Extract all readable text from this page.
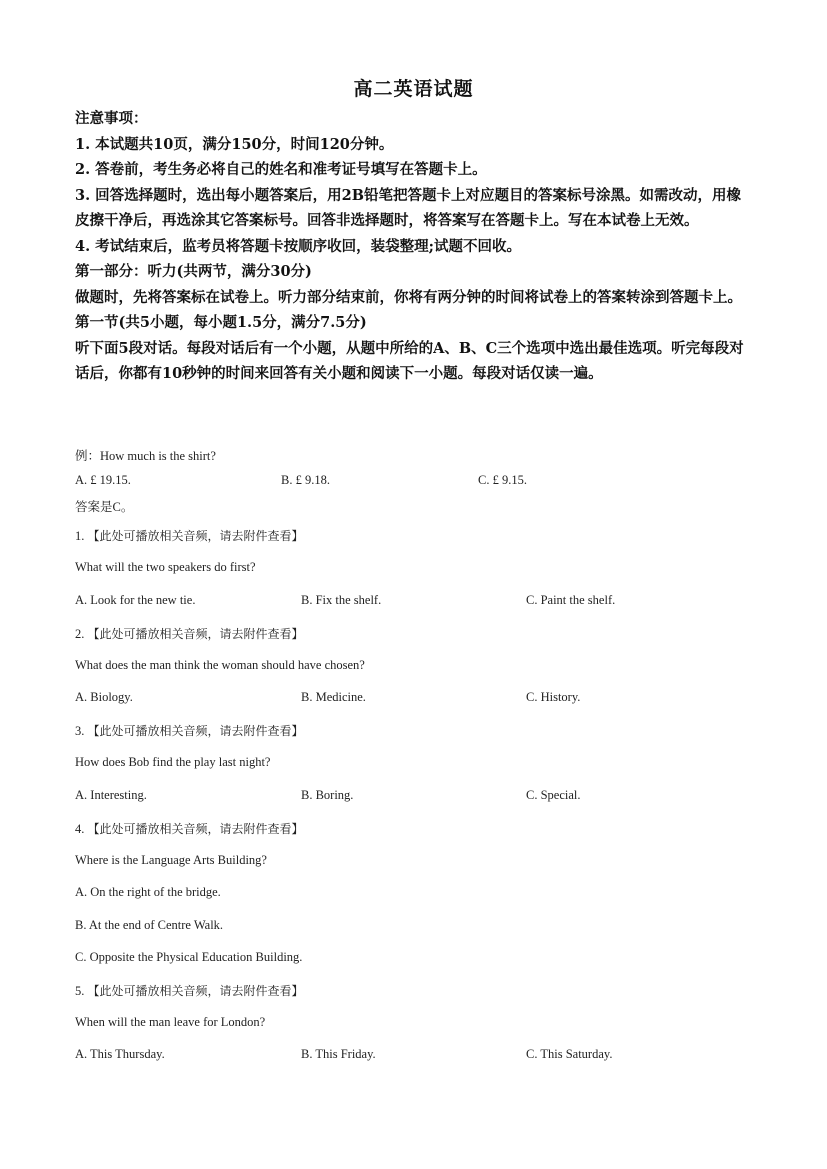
高二英语试题

注意事项：

1. 本试题共10页，满分150分，时间120分钟。

2. 答卷前，考生务必将自己的姓名和准考证号填写在答题卡上。

3. 回答选择题时，选出每小题答案后，用2B铅笔把答题卡上对应题目的答案标号涂黑。如需改动，用橡皮擦干净后，再选涂其它答案标号。回答非选择题时，将答案写在答题卡上。写在本试卷上无效。

4. 考试结束后，监考员将答题卡按顺序收回，装袋整理;试题不回收。

第一部分：听力(共两节，满分30分)

做题时，先将答案标在试卷上。听力部分结束前，你将有两分钟的时间将试卷上的答案转涂到答题卡上。

第一节(共5小题，每小题1.5分，满分7.5分)

听下面5段对话。每段对话后有一个小题，从题中所给的A、B、C三个选项中选出最佳选项。听完每段对话后，你都有10秒钟的时间来回答有关小题和阅读下一小题。每段对话仅读一遍。

例：How much is the shirt?
A. £ 19.15.	B. £ 9.18.	C. £ 9.15.
答案是C。
1. 【此处可播放相关音频，请去附件查看】
What will the two speakers do first?
A. Look for the new tie.	B. Fix the shelf.	C. Paint the shelf.
2. 【此处可播放相关音频，请去附件查看】
What does the man think the woman should have chosen?
A. Biology.	B. Medicine.	C. History.
3. 【此处可播放相关音频，请去附件查看】
How does Bob find the play last night?
A. Interesting.	B. Boring.	C. Special.
4. 【此处可播放相关音频，请去附件查看】
Where is the Language Arts Building?
A. On the right of the bridge.
B. At the end of Centre Walk.
C. Opposite the Physical Education Building.
5. 【此处可播放相关音频，请去附件查看】
When will the man leave for London?
A. This Thursday.	B. This Friday.	C. This Saturday.
